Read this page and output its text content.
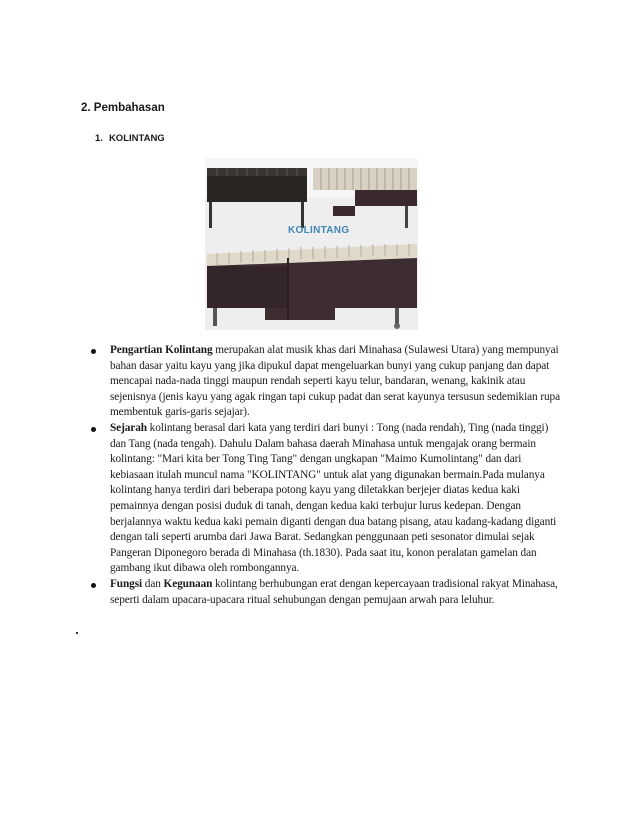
2. Pembahasan
1. KOLINTANG
KOLINTANG
Pengartian Kolintang merupakan alat musik khas dari Minahasa (Sulawesi Utara) yang mempunyai bahan dasar yaitu kayu yang jika dipukul dapat mengeluarkan bunyi yang cukup panjang dan dapat mencapai nada-nada tinggi maupun rendah seperti kayu telur, bandaran, wenang, kakinik atau sejenisnya (jenis kayu yang agak ringan tapi cukup padat dan serat kayunya tersusun sedemikian rupa membentuk garis-garis sejajar).
Sejarah kolintang berasal dari kata yang terdiri dari bunyi : Tong (nada rendah), Ting (nada tinggi) dan Tang (nada tengah). Dahulu Dalam bahasa daerah Minahasa untuk mengajak orang bermain kolintang: "Mari kita ber Tong Ting Tang" dengan ungkapan "Maimo Kumolintang" dan dari kebiasaan itulah muncul nama "KOLINTANG" untuk alat yang digunakan bermain.Pada mulanya kolintang hanya terdiri dari beberapa potong kayu yang diletakkan berjejer diatas kedua kaki pemainnya dengan posisi duduk di tanah, dengan kedua kaki terbujur lurus kedepan. Dengan berjalannya waktu kedua kaki pemain diganti dengan dua batang pisang, atau kadang-kadang diganti dengan tali seperti arumba dari Jawa Barat. Sedangkan penggunaan peti sesonator dimulai sejak Pangeran Diponegoro berada di Minahasa (th.1830). Pada saat itu, konon peralatan gamelan dan gambang ikut dibawa oleh rombongannya.
Fungsi dan Kegunaan kolintang berhubungan erat dengan kepercayaan tradisional rakyat Minahasa, seperti dalam upacara-upacara ritual sehubungan dengan pemujaan arwah para leluhur.
